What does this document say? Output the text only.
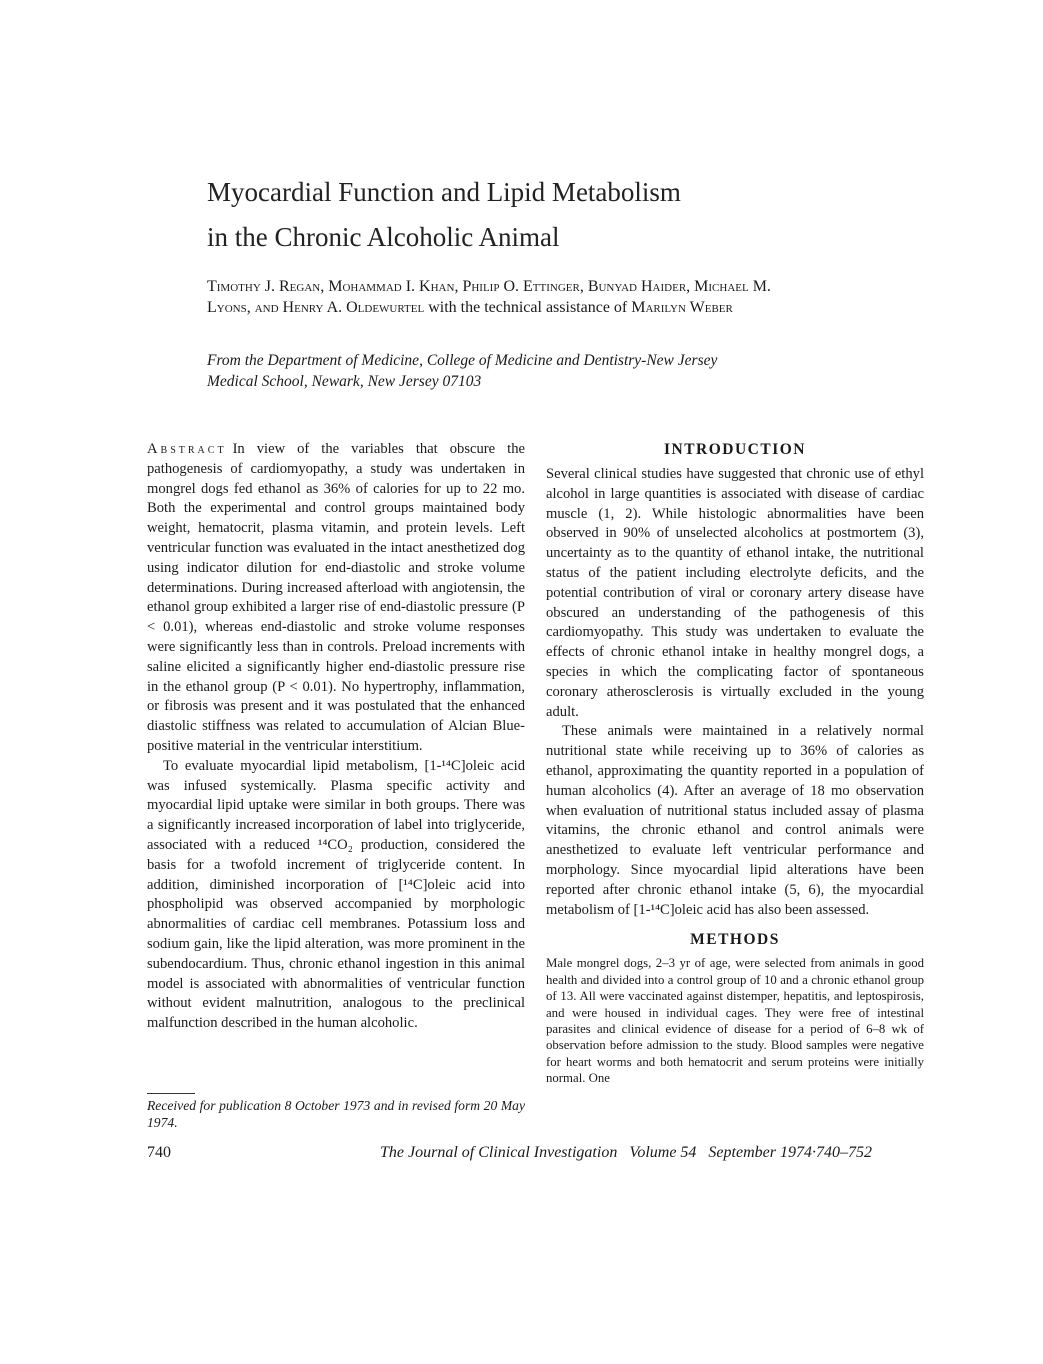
Myocardial Function and Lipid Metabolism
in the Chronic Alcoholic Animal

Timothy J. Regan, Mohammad I. Khan, Philip O. Ettinger, Bunyad Haider, Michael M. Lyons, and Henry A. Oldewurtel with the technical assistance of Marilyn Weber

From the Department of Medicine, College of Medicine and Dentistry-New Jersey Medical School, Newark, New Jersey 07103

Abstract In view of the variables that obscure the pathogenesis of cardiomyopathy, a study was undertaken in mongrel dogs fed ethanol as 36% of calories for up to 22 mo. Both the experimental and control groups maintained body weight, hematocrit, plasma vitamin, and protein levels. Left ventricular function was evaluated in the intact anesthetized dog using indicator dilution for end-diastolic and stroke volume determinations. During increased afterload with angiotensin, the ethanol group exhibited a larger rise of end-diastolic pressure (P < 0.01), whereas end-diastolic and stroke volume responses were significantly less than in controls. Preload increments with saline elicited a significantly higher end-diastolic pressure rise in the ethanol group (P < 0.01). No hypertrophy, inflammation, or fibrosis was present and it was postulated that the enhanced diastolic stiffness was related to accumulation of Alcian Blue-positive material in the ventricular interstitium.

To evaluate myocardial lipid metabolism, [1-¹⁴C]oleic acid was infused systemically. Plasma specific activity and myocardial lipid uptake were similar in both groups. There was a significantly increased incorporation of label into triglyceride, associated with a reduced ¹⁴CO₂ production, considered the basis for a twofold increment of triglyceride content. In addition, diminished incorporation of [¹⁴C]oleic acid into phospholipid was observed accompanied by morphologic abnormalities of cardiac cell membranes. Potassium loss and sodium gain, like the lipid alteration, was more prominent in the subendocardium. Thus, chronic ethanol ingestion in this animal model is associated with abnormalities of ventricular function without evident malnutrition, analogous to the preclinical malfunction described in the human alcoholic.

Received for publication 8 October 1973 and in revised form 20 May 1974.

INTRODUCTION

Several clinical studies have suggested that chronic use of ethyl alcohol in large quantities is associated with disease of cardiac muscle (1, 2). While histologic abnormalities have been observed in 90% of unselected alcoholics at postmortem (3), uncertainty as to the quantity of ethanol intake, the nutritional status of the patient including electrolyte deficits, and the potential contribution of viral or coronary artery disease have obscured an understanding of the pathogenesis of this cardiomyopathy. This study was undertaken to evaluate the effects of chronic ethanol intake in healthy mongrel dogs, a species in which the complicating factor of spontaneous coronary atherosclerosis is virtually excluded in the young adult.

These animals were maintained in a relatively normal nutritional state while receiving up to 36% of calories as ethanol, approximating the quantity reported in a population of human alcoholics (4). After an average of 18 mo observation when evaluation of nutritional status included assay of plasma vitamins, the chronic ethanol and control animals were anesthetized to evaluate left ventricular performance and morphology. Since myocardial lipid alterations have been reported after chronic ethanol intake (5, 6), the myocardial metabolism of [1-¹⁴C]oleic acid has also been assessed.

METHODS

Male mongrel dogs, 2–3 yr of age, were selected from animals in good health and divided into a control group of 10 and a chronic ethanol group of 13. All were vaccinated against distemper, hepatitis, and leptospirosis, and were housed in individual cages. They were free of intestinal parasites and clinical evidence of disease for a period of 6–8 wk of observation before admission to the study. Blood samples were negative for heart worms and both hematocrit and serum proteins were initially normal. One

740	The Journal of Clinical Investigation Volume 54 September 1974·740–752
